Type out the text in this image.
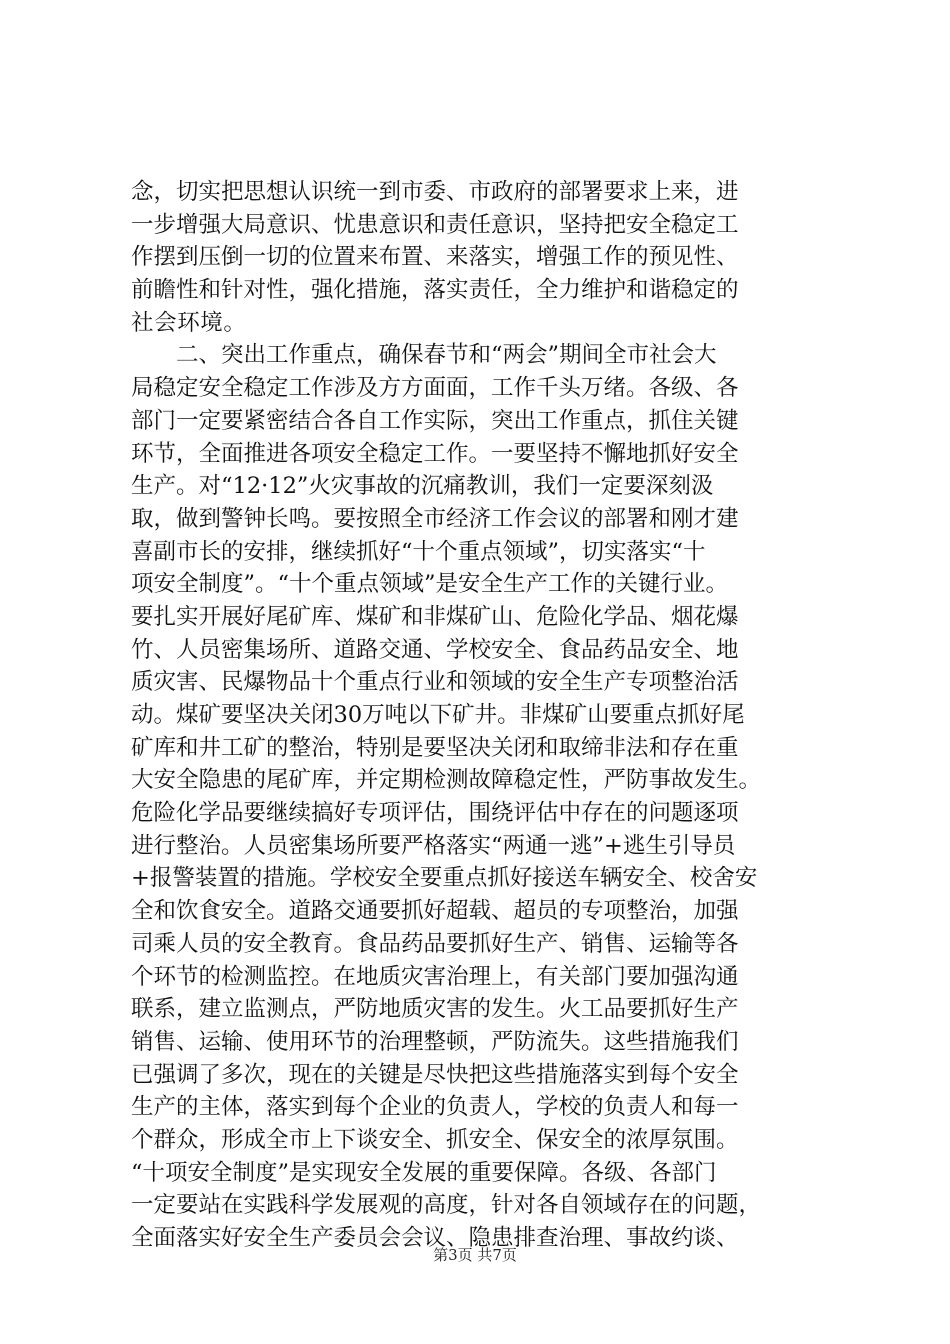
念，切实把思想认识统一到市委、市政府的部署要求上来，进
一步增强大局意识、忧患意识和责任意识，坚持把安全稳定工
作摆到压倒一切的位置来布置、来落实，增强工作的预见性、
前瞻性和针对性，强化措施，落实责任，全力维护和谐稳定的
社会环境。
　　二、突出工作重点，确保春节和“两会”期间全市社会大
局稳定安全稳定工作涉及方方面面，工作千头万绪。各级、各
部门一定要紧密结合各自工作实际，突出工作重点，抓住关键
环节，全面推进各项安全稳定工作。一要坚持不懈地抓好安全
生产。对“12·12”火灾事故的沉痛教训，我们一定要深刻汲
取，做到警钟长鸣。要按照全市经济工作会议的部署和刚才建
喜副市长的安排，继续抓好“十个重点领域”，切实落实“十
项安全制度”。“十个重点领域”是安全生产工作的关键行业。
要扎实开展好尾矿库、煤矿和非煤矿山、危险化学品、烟花爆
竹、人员密集场所、道路交通、学校安全、食品药品安全、地
质灾害、民爆物品十个重点行业和领域的安全生产专项整治活
动。煤矿要坚决关闭30万吨以下矿井。非煤矿山要重点抓好尾
矿库和井工矿的整治，特别是要坚决关闭和取缔非法和存在重
大安全隐患的尾矿库，并定期检测故障稳定性，严防事故发生。
危险化学品要继续搞好专项评估，围绕评估中存在的问题逐项
进行整治。人员密集场所要严格落实“两通一逃”+逃生引导员
+报警装置的措施。学校安全要重点抓好接送车辆安全、校舍安
全和饮食安全。道路交通要抓好超载、超员的专项整治，加强
司乘人员的安全教育。食品药品要抓好生产、销售、运输等各
个环节的检测监控。在地质灾害治理上，有关部门要加强沟通
联系，建立监测点，严防地质灾害的发生。火工品要抓好生产
销售、运输、使用环节的治理整顿，严防流失。这些措施我们
已强调了多次，现在的关键是尽快把这些措施落实到每个安全
生产的主体，落实到每个企业的负责人，学校的负责人和每一
个群众，形成全市上下谈安全、抓安全、保安全的浓厚氛围。
“十项安全制度”是实现安全发展的重要保障。各级、各部门
一定要站在实践科学发展观的高度，针对各自领域存在的问题，
全面落实好安全生产委员会会议、隐患排查治理、事故约谈、
第3页 共7页
